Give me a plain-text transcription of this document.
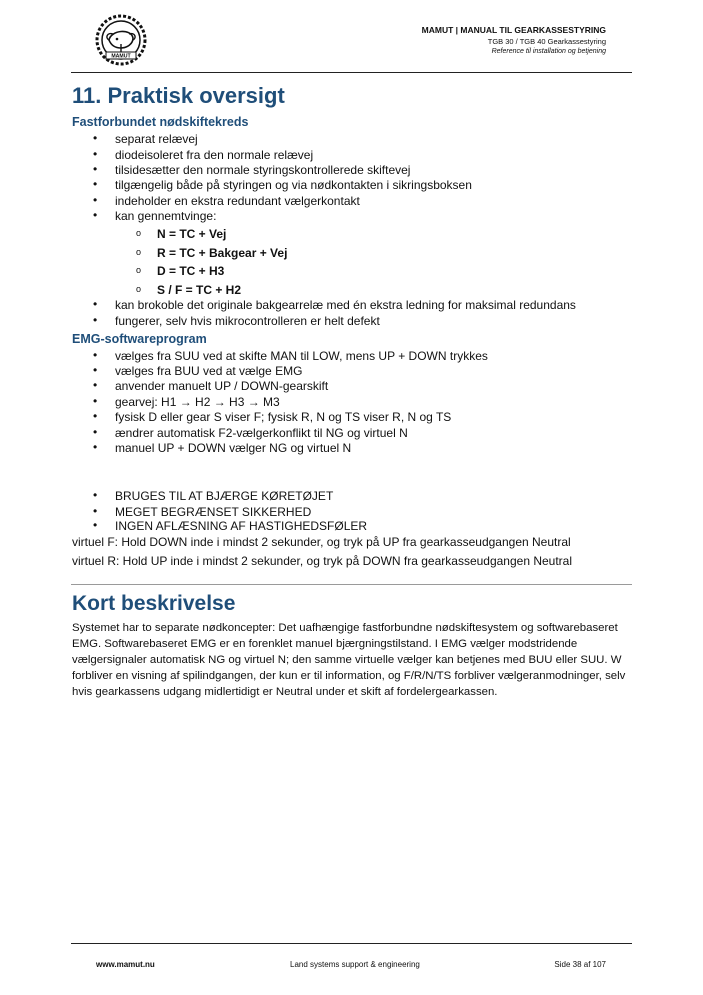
MAMUT
MAMUT | MANUAL TIL GEARKASSESTYRING
TGB 30 / TGB 40 Gearkassestyring
Reference til installation og betjening
11. Praktisk oversigt
Fastforbundet nødskiftekreds
• separat relævej
• diodeisoleret fra den normale relævej
• tilsidesætter den normale styringskontrollerede skiftevej
• tilgængelig både på styringen og via nødkontakten i sikringsboksen
• indeholder en ekstra redundant vælgerkontakt
• kan gennemtvinge:
o N = TC + Vej
o R = TC + Bakgear + Vej
o D = TC + H3
o S / F = TC + H2
• kan brokoble det originale bakgearrelæ med én ekstra ledning for maksimal redundans
• fungerer, selv hvis mikrocontrolleren er helt defekt
EMG-softwareprogram
• vælges fra SUU ved at skifte MAN til LOW, mens UP + DOWN trykkes
• vælges fra BUU ved at vælge EMG
• anvender manuelt UP / DOWN-gearskift
• gearvej: H1 → H2 → H3 → M3
• fysisk D eller gear S viser F; fysisk R, N og TS viser R, N og TS
• ændrer automatisk F2-vælgerkonflikt til NG og virtuel N
• manuel UP + DOWN vælger NG og virtuel N
• BRUGES TIL AT BJÆRGE KØRETØJET
• MEGET BEGRÆNSET SIKKERHED
• INGEN AFLÆSNING AF HASTIGHEDSFØLER
virtuel F: Hold DOWN inde i mindst 2 sekunder, og tryk på UP fra gearkasseudgangen Neutral
virtuel R: Hold UP inde i mindst 2 sekunder, og tryk på DOWN fra gearkasseudgangen Neutral
Kort beskrivelse
Systemet har to separate nødkoncepter: Det uafhængige fastforbundne nødskiftesystem og softwarebaseret EMG. Softwarebaseret EMG er en forenklet manuel bjærgningstilstand. I EMG vælger modstridende vælgersignaler automatisk NG og virtuel N; den samme virtuelle vælger kan betjenes med BUU eller SUU. W forbliver en visning af spilindgangen, der kun er til information, og F/R/N/TS forbliver vælgeranmodninger, selv hvis gearkassens udgang midlertidigt er Neutral under et skift af fordelergearkassen.
www.mamut.nu	Land systems support & engineering	Side 38 af 107
